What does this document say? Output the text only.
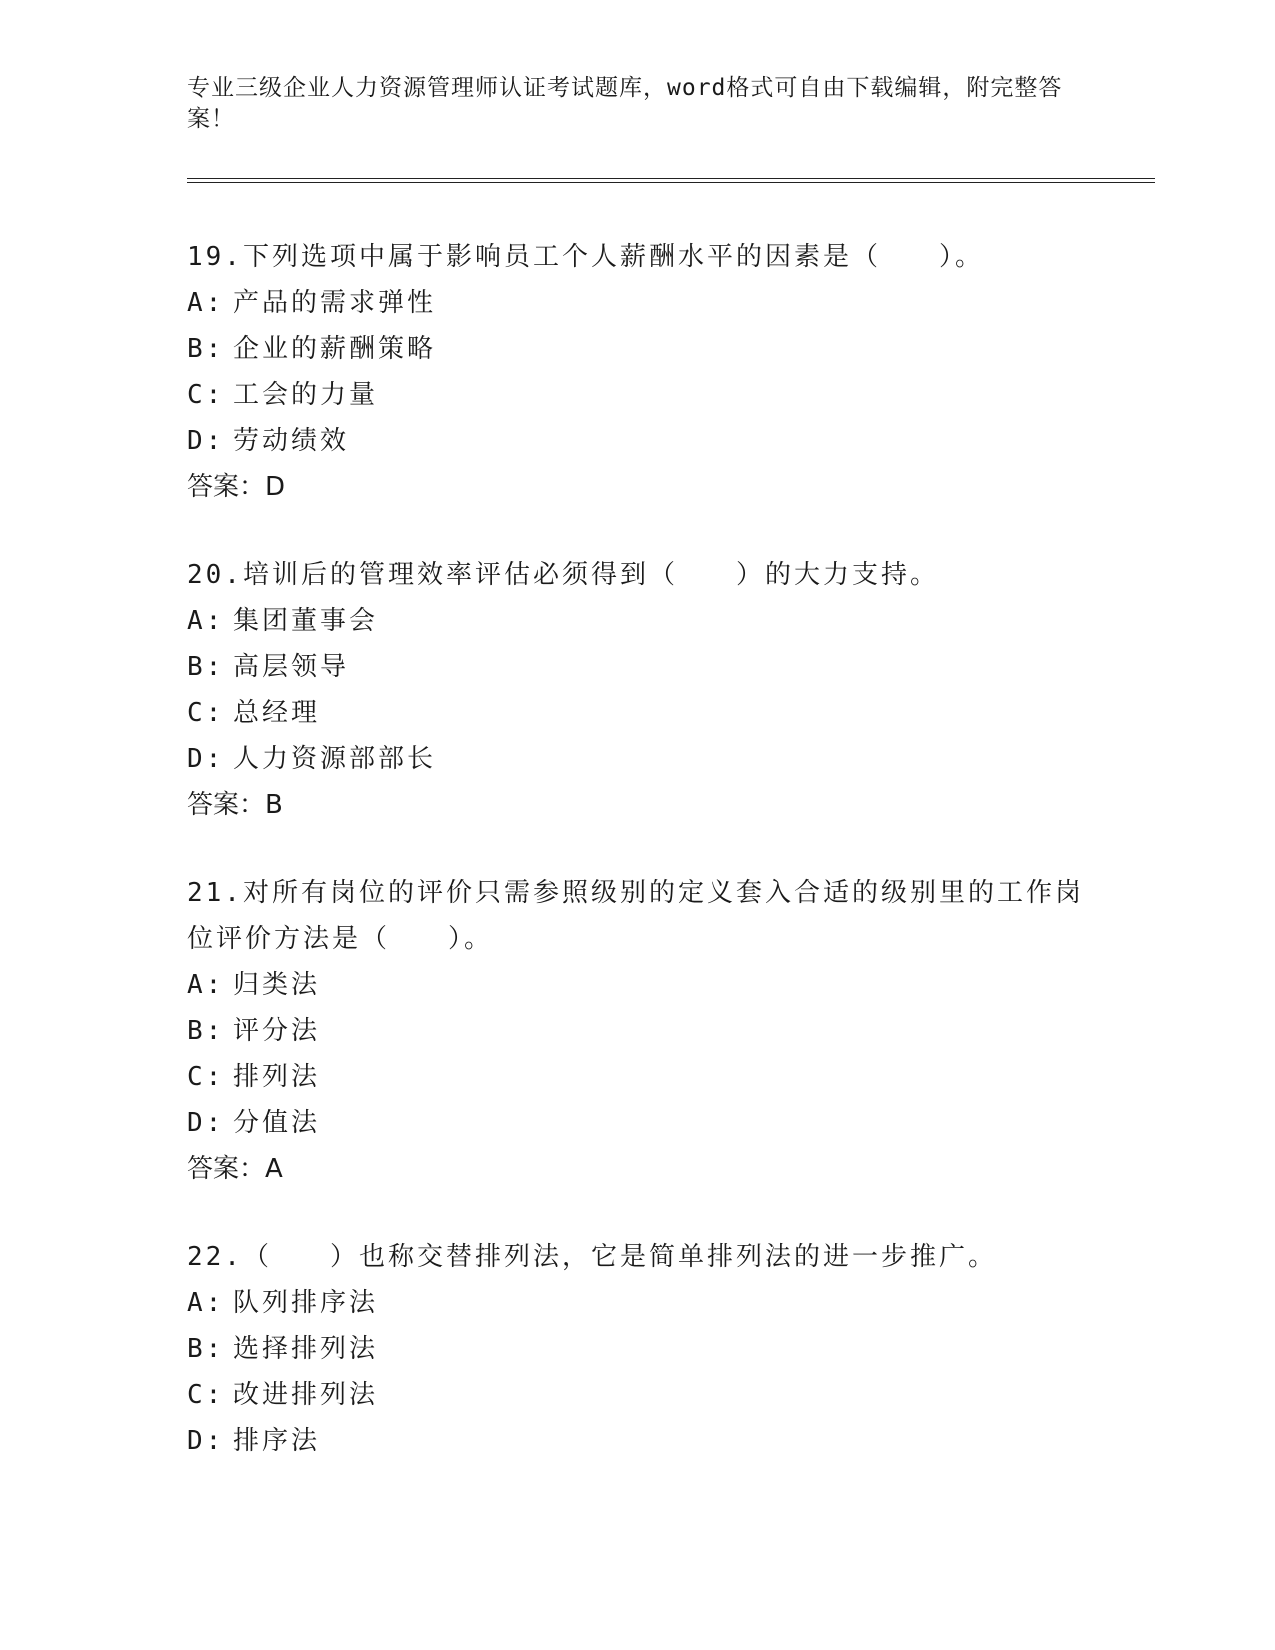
专业三级企业人力资源管理师认证考试题库，word格式可自由下载编辑，附完整答案！
19.下列选项中属于影响员工个人薪酬水平的因素是（　　）。
A: 产品的需求弹性
B: 企业的薪酬策略
C: 工会的力量
D: 劳动绩效
答案：D
20.培训后的管理效率评估必须得到（　　）的大力支持。
A: 集团董事会
B: 高层领导
C: 总经理
D: 人力资源部部长
答案：B
21.对所有岗位的评价只需参照级别的定义套入合适的级别里的工作岗位评价方法是（　　）。
A: 归类法
B: 评分法
C: 排列法
D: 分值法
答案：A
22.（　　）也称交替排列法，它是简单排列法的进一步推广。
A: 队列排序法
B: 选择排列法
C: 改进排列法
D: 排序法
